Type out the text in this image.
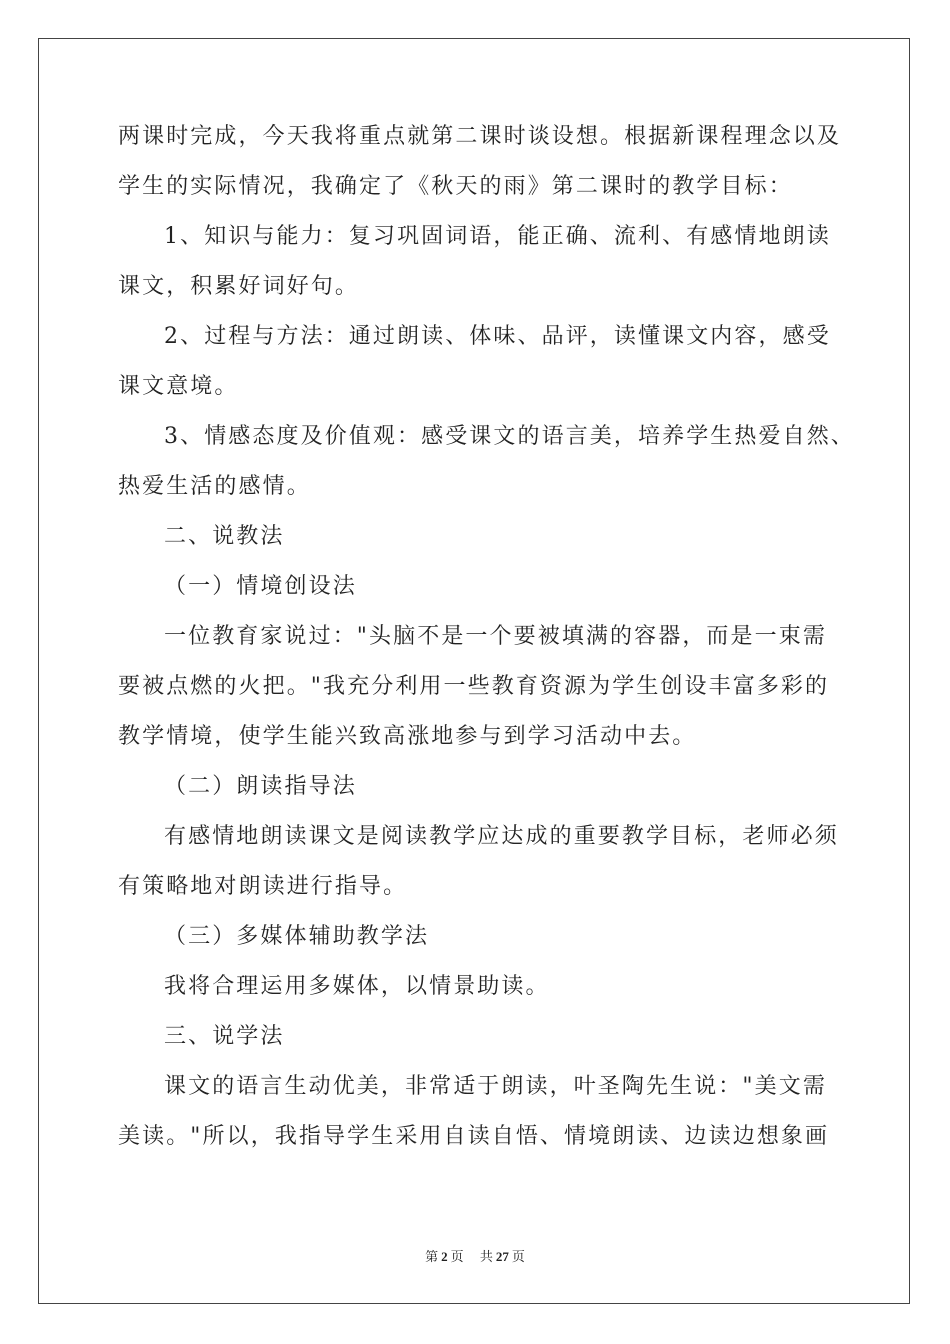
两课时完成，今天我将重点就第二课时谈设想。根据新课程理念以及
学生的实际情况，我确定了《秋天的雨》第二课时的教学目标：
1、知识与能力：复习巩固词语，能正确、流利、有感情地朗读
课文，积累好词好句。
2、过程与方法：通过朗读、体味、品评，读懂课文内容，感受
课文意境。
3、情感态度及价值观：感受课文的语言美，培养学生热爱自然、
热爱生活的感情。
二、说教法
（一）情境创设法
一位教育家说过："头脑不是一个要被填满的容器，而是一束需
要被点燃的火把。"我充分利用一些教育资源为学生创设丰富多彩的
教学情境，使学生能兴致高涨地参与到学习活动中去。
（二）朗读指导法
有感情地朗读课文是阅读教学应达成的重要教学目标，老师必须
有策略地对朗读进行指导。
（三）多媒体辅助教学法
我将合理运用多媒体，以情景助读。
三、说学法
课文的语言生动优美，非常适于朗读，叶圣陶先生说："美文需
美读。"所以，我指导学生采用自读自悟、情境朗读、边读边想象画
第 2 页 共 27 页
